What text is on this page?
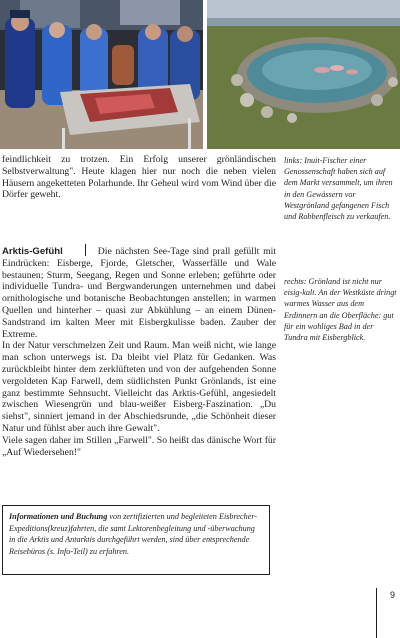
feindlichkeit zu trotzen. Ein Erfolg unserer grönländischen Selbstverwaltung". Heute klagen hier nur noch die neben vielen Häusern angeketteten Polarhunde. Ihr Geheul wird vom Wind über die Dörfer geweht.

Arktis-Gefühl	Die nächsten See-Tage sind prall gefüllt mit Eindrücken: Eisberge, Fjorde, Gletscher, Wasserfälle und Wale bestaunen; Sturm, Seegang, Regen und Sonne erleben; geführte oder individuelle Tundra- und Bergwanderungen unternehmen und dabei ornithologische und botanische Beobachtungen anstellen; in warmen Quellen und hinterher – quasi zur Abkühlung – an einem Dünen-Sandstrand im kalten Meer mit Eisbergkulisse baden. Zauber der Extreme.

In der Natur verschmelzen Zeit und Raum. Man weiß nicht, wie lange man schon unterwegs ist. Da bleibt viel Platz für Gedanken. Was zurückbleibt hinter dem zerklüfteten und von der aufgehenden Sonne vergoldeten Kap Farwell, dem südlichsten Punkt Grönlands, ist eine ganz bestimmte Sehnsucht. Vielleicht das Arktis-Gefühl, angesiedelt zwischen Wiesengrün und blau-weißer Eisberg-Faszination. „Du siehst", sinniert jemand in der Abschiedsrunde, „die Schönheit dieser Natur und fühlst aber auch ihre Gewalt".

Viele sagen daher im Stillen „Farwell". So heißt das dänische Wort für „Auf Wiedersehen!"

links: Inuit-Fischer einer Genossenschaft haben sich auf dem Markt versammelt, um ihren in den Gewässern vor Westgrönland gefangenen Fisch und Robbenfleisch zu verkaufen.

rechts: Grönland ist nicht nur eisig-kalt. An der Westküste dringt warmes Wasser aus dem Erdinnern an die Oberfläche: gut für ein wohliges Bad in der Tundra mit Eisbergblick.

Informationen und Buchung von zertifizierten und begleiteten Eisbrecher-Expeditions(kreuz)fahrten, die samt Lektorenbegleitung und -überwachung in die Arktis und Antarktis durchgeführt werden, sind über entsprechende Reisebüros (s. Info-Teil) zu erfahren.
9
